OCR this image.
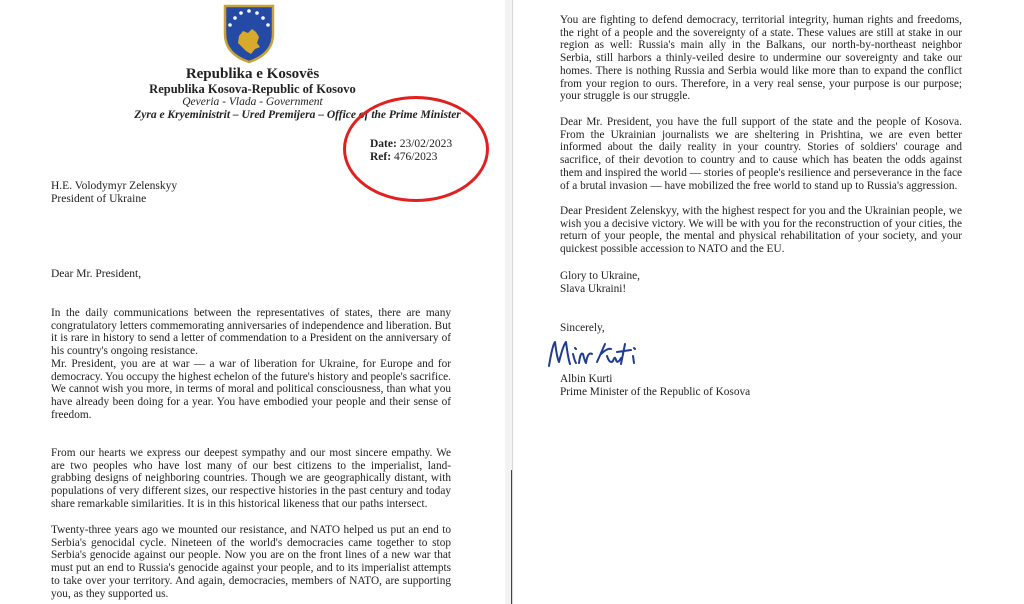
Republika e Kosovës

Republika Kosova-Republic of Kosovo

Qeveria - Vlada - Government

Zyra e Kryeministrit – Ured Premijera – Office of the Prime Minister

Date: 23/02/2023
Ref: 476/2023
H.E. Volodymyr Zelenskyy
President of Ukraine
Dear Mr. President,

In the daily communications between the representatives of states, there are many congratulatory letters commemorating anniversaries of independence and liberation. But it is rare in history to send a letter of commendation to a President on the anniversary of his country's ongoing resistance.

Mr. President, you are at war — a war of liberation for Ukraine, for Europe and for democracy. You occupy the highest echelon of the future's history and people's sacrifice. We cannot wish you more, in terms of moral and political consciousness, than what you have already been doing for a year. You have embodied your people and their sense of freedom.

From our hearts we express our deepest sympathy and our most sincere empathy. We are two peoples who have lost many of our best citizens to the imperialist, land-grabbing designs of neighboring countries. Though we are geographically distant, with populations of very different sizes, our respective histories in the past century and today share remarkable similarities. It is in this historical likeness that our paths intersect.

Twenty-three years ago we mounted our resistance, and NATO helped us put an end to Serbia's genocidal cycle. Nineteen of the world's democracies came together to stop Serbia's genocide against our people. Now you are on the front lines of a new war that must put an end to Russia's genocide against your people, and to its imperialist attempts to take over your territory. And again, democracies, members of NATO, are supporting you, as they supported us.

You are fighting to defend democracy, territorial integrity, human rights and freedoms, the right of a people and the sovereignty of a state. These values are still at stake in our region as well: Russia's main ally in the Balkans, our north-by-northeast neighbor Serbia, still harbors a thinly-veiled desire to undermine our sovereignty and take our homes. There is nothing Russia and Serbia would like more than to expand the conflict from your region to ours. Therefore, in a very real sense, your purpose is our purpose; your struggle is our struggle.

Dear Mr. President, you have the full support of the state and the people of Kosova. From the Ukrainian journalists we are sheltering in Prishtina, we are even better informed about the daily reality in your country. Stories of soldiers' courage and sacrifice, of their devotion to country and to cause which has beaten the odds against them and inspired the world — stories of people's resilience and perseverance in the face of a brutal invasion — have mobilized the free world to stand up to Russia's aggression.

Dear President Zelenskyy, with the highest respect for you and the Ukrainian people, we wish you a decisive victory. We will be with you for the reconstruction of your cities, the return of your people, the mental and physical rehabilitation of your society, and your quickest possible accession to NATO and the EU.

Glory to Ukraine,
Slava Ukraini!
Sincerely,
Albin Kurti
Prime Minister of the Republic of Kosova
